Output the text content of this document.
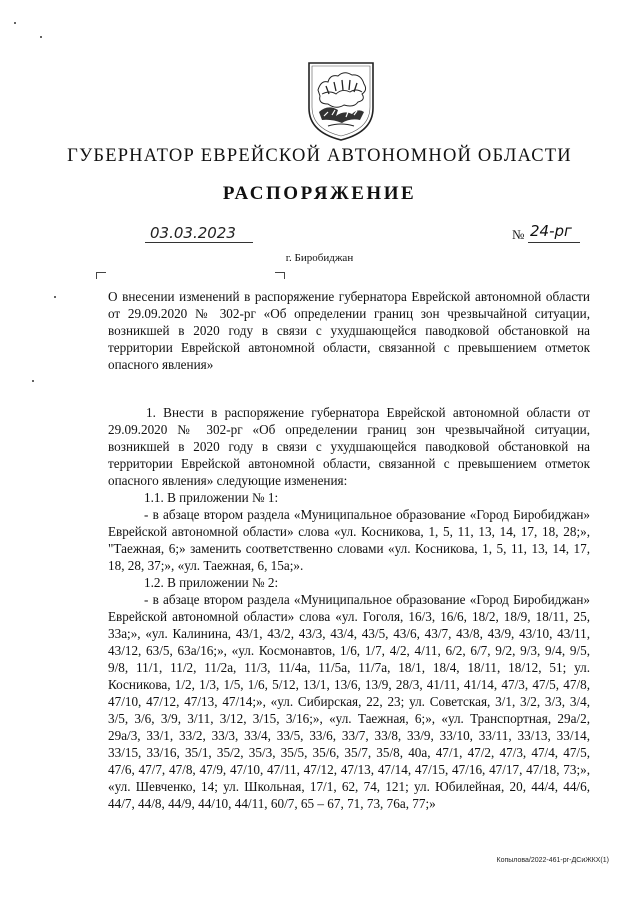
ГУБЕРНАТОР ЕВРЕЙСКОЙ АВТОНОМНОЙ ОБЛАСТИ
РАСПОРЯЖЕНИЕ
03.03.2023	№ 24-рг
г. Биробиджан
О внесении изменений в распоряжение губернатора Еврейской автономной области от 29.09.2020 № 302-рг «Об определении границ зон чрезвычайной ситуации, возникшей в 2020 году в связи с ухудшающейся паводковой обстановкой на территории Еврейской автономной области, связанной с превышением отметок опасного явления»

1. Внести в распоряжение губернатора Еврейской автономной области от 29.09.2020 № 302-рг «Об определении границ зон чрезвычайной ситуации, возникшей в 2020 году в связи с ухудшающейся паводковой обстановкой на территории Еврейской автономной области, связанной с превышением отметок опасного явления» следующие изменения:

1.1. В приложении № 1:

- в абзаце втором раздела «Муниципальное образование «Город Биробиджан» Еврейской автономной области» слова «ул. Косникова, 1, 5, 11, 13, 14, 17, 18, 28;», "Таежная, 6;» заменить соответственно словами «ул. Косникова, 1, 5, 11, 13, 14, 17, 18, 28, 37;», «ул. Таежная, 6, 15а;».

1.2. В приложении № 2:

- в абзаце втором раздела «Муниципальное образование «Город Биробиджан» Еврейской автономной области» слова «ул. Гоголя, 16/3, 16/6, 18/2, 18/9, 18/11, 25, 33а;», «ул. Калинина, 43/1, 43/2, 43/3, 43/4, 43/5, 43/6, 43/7, 43/8, 43/9, 43/10, 43/11, 43/12, 63/5, 63а/16;», «ул. Космонавтов, 1/6, 1/7, 4/2, 4/11, 6/2, 6/7, 9/2, 9/3, 9/4, 9/5, 9/8, 11/1, 11/2, 11/2а, 11/3, 11/4а, 11/5а, 11/7а, 18/1, 18/4, 18/11, 18/12, 51; ул. Косникова, 1/2, 1/3, 1/5, 1/6, 5/12, 13/1, 13/6, 13/9, 28/3, 41/11, 41/14, 47/3, 47/5, 47/8, 47/10, 47/12, 47/13, 47/14;», «ул. Сибирская, 22, 23; ул. Советская, 3/1, 3/2, 3/3, 3/4, 3/5, 3/6, 3/9, 3/11, 3/12, 3/15, 3/16;», «ул. Таежная, 6;», «ул. Транспортная, 29а/2, 29а/3, 33/1, 33/2, 33/3, 33/4, 33/5, 33/6, 33/7, 33/8, 33/9, 33/10, 33/11, 33/13, 33/14, 33/15, 33/16, 35/1, 35/2, 35/3, 35/5, 35/6, 35/7, 35/8, 40а, 47/1, 47/2, 47/3, 47/4, 47/5, 47/6, 47/7, 47/8, 47/9, 47/10, 47/11, 47/12, 47/13, 47/14, 47/15, 47/16, 47/17, 47/18, 73;», «ул. Шевченко, 14; ул. Школьная, 17/1, 62, 74, 121; ул. Юбилейная, 20, 44/4, 44/6, 44/7, 44/8, 44/9, 44/10, 44/11, 60/7, 65 – 67, 71, 73, 76а, 77;»

Копылова/2022-461-рг-ДСиЖКХ(1)
